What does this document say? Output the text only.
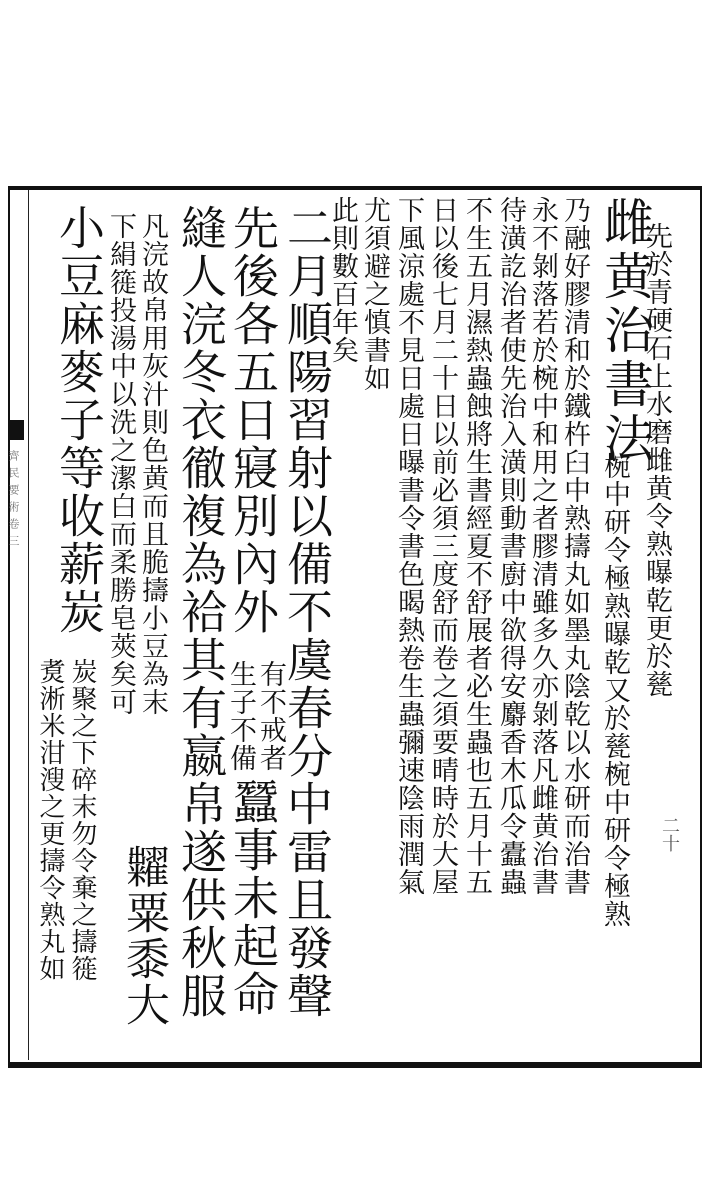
齊民要術卷三
二十
雌黄治書法
先於青硬石上水磨雌黄令熟曝乾更於甆
椀中研令極熟曝乾又於甆椀中研令極熟
乃融好膠清和於鐵杵臼中熟擣丸如墨丸陰乾以水研而治書
永不剝落若於椀中和用之者膠清雖多久亦剝落凡雌黄治書
待潢訖治者使先治入潢則動書廚中欲得安麝香木瓜令蠹蟲
不生五月濕熱蟲蝕將生書經夏不舒展者必生蟲也五月十五
日以後七月二十日以前必須三度舒而卷之須要晴時於大屋
下風涼處不見日處日曝書令書色暍熱卷生蟲彌速陰雨潤氣
尤須避之慎書如
此則數百年矣
二月順陽習射以備不虞春分中雷且發聲
先後各五日寢別內外
有不戒者
生子不備
蠶事未起命
縫人浣冬衣徹複為袷其有嬴帛遂供秋服
凡浣故帛用灰汁則色黄而且脆擣小豆為末
下絹簁投湯中以洗之潔白而柔勝皂莢矣可
糶粟黍大
小豆麻麥子等收薪炭
炭聚之下碎末勿令棄之擣簁
煑淅米泔溲之更擣令熟丸如
